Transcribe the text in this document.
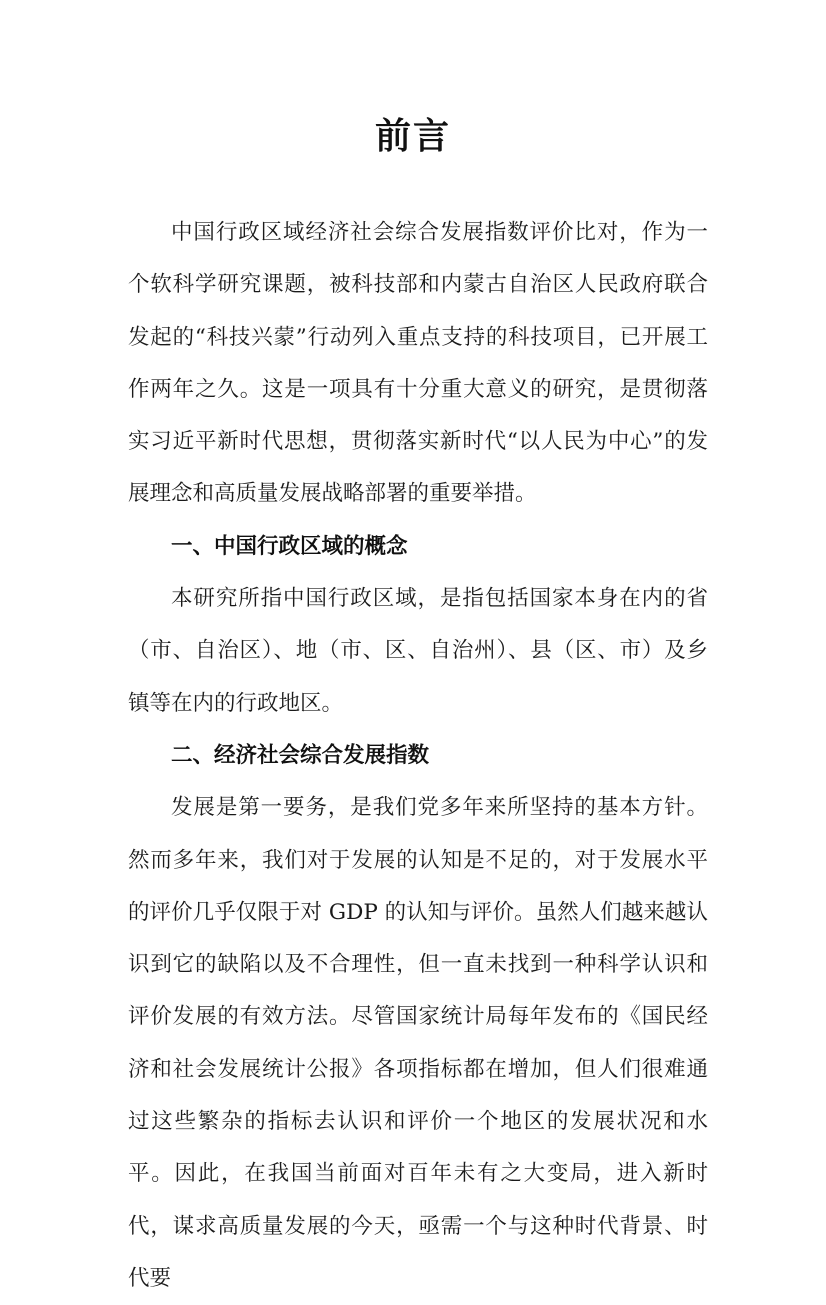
前言

中国行政区域经济社会综合发展指数评价比对，作为一个软科学研究课题，被科技部和内蒙古自治区人民政府联合发起的“科技兴蒙”行动列入重点支持的科技项目，已开展工作两年之久。这是一项具有十分重大意义的研究，是贯彻落实习近平新时代思想，贯彻落实新时代“以人民为中心”的发展理念和高质量发展战略部署的重要举措。

一、中国行政区域的概念

本研究所指中国行政区域，是指包括国家本身在内的省（市、自治区）、地（市、区、自治州）、县（区、市）及乡镇等在内的行政地区。

二、经济社会综合发展指数

发展是第一要务，是我们党多年来所坚持的基本方针。然而多年来，我们对于发展的认知是不足的，对于发展水平的评价几乎仅限于对 GDP 的认知与评价。虽然人们越来越认识到它的缺陷以及不合理性，但一直未找到一种科学认识和评价发展的有效方法。尽管国家统计局每年发布的《国民经济和社会发展统计公报》各项指标都在增加，但人们很难通过这些繁杂的指标去认识和评价一个地区的发展状况和水平。因此，在我国当前面对百年未有之大变局，进入新时代，谋求高质量发展的今天，亟需一个与这种时代背景、时代要
